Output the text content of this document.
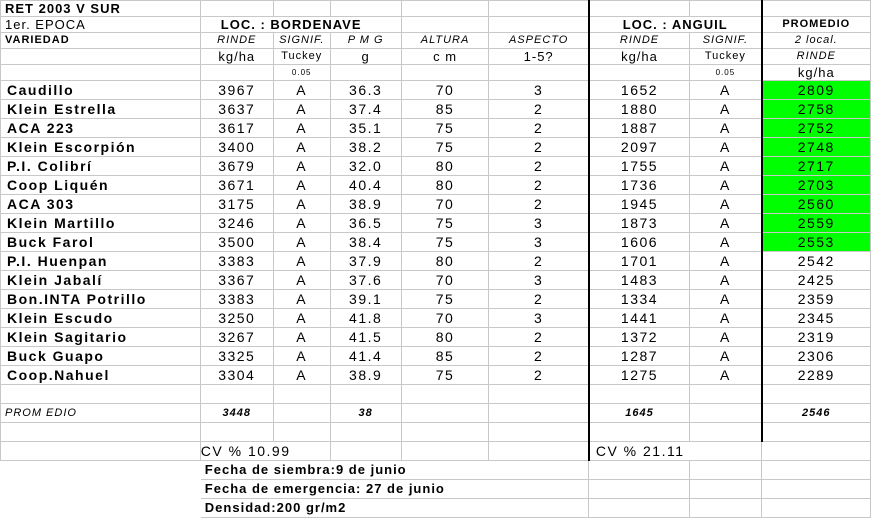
RET 2003 V SUR								
1er. EPOCA	LOC. : BORDENAVE					LOC. : ANGUIL		PROMEDIO
VARIEDAD	RINDE	SIGNIF.	P M G	ALTURA	ASPECTO	RINDE	SIGNIF.	2 local.
	kg/ha	Tuckey	g	c m	1-5?	kg/ha	Tuckey	RINDE
		0.05					0.05	kg/ha
Caudillo	3967	A	36.3	70	3	1652	A	2809
Klein Estrella	3637	A	37.4	85	2	1880	A	2758
ACA 223	3617	A	35.1	75	2	1887	A	2752
Klein Escorpión	3400	A	38.2	75	2	2097	A	2748
P.I. Colibrí	3679	A	32.0	80	2	1755	A	2717
Coop Liquén	3671	A	40.4	80	2	1736	A	2703
ACA 303	3175	A	38.9	70	2	1945	A	2560
Klein Martillo	3246	A	36.5	75	3	1873	A	2559
Buck Farol	3500	A	38.4	75	3	1606	A	2553
P.I. Huenpan	3383	A	37.9	80	2	1701	A	2542
Klein Jabalí	3367	A	37.6	70	3	1483	A	2425
Bon.INTA Potrillo	3383	A	39.1	75	2	1334	A	2359
Klein Escudo	3250	A	41.8	70	3	1441	A	2345
Klein Sagitario	3267	A	41.5	80	2	1372	A	2319
Buck Guapo	3325	A	41.4	85	2	1287	A	2306
Coop.Nahuel	3304	A	38.9	75	2	1275	A	2289

PROM EDIO	3448		38			1645		2546

	CV % 10.99					CV % 21.11		
	Fecha de siembra:9 de junio							
	Fecha de emergencia: 27 de junio							
	Densidad:200 gr/m2							
